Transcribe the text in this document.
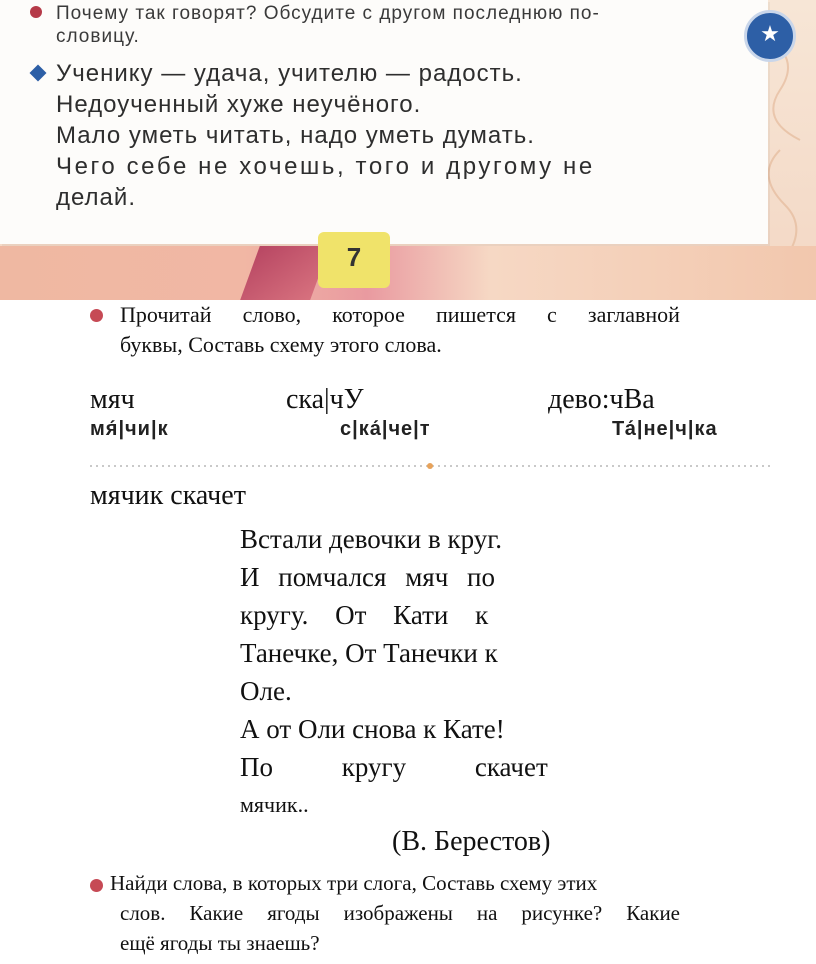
Почему так говорят? Обсудите с другом последнюю по-
словицу.
Ученику — удача, учителю — радость.
Недоученный хуже неучёного.
Мало уметь читать, надо уметь думать.
Чего себе не хочешь, того и другому не
делай.
★
7
Прочитай слово, которое пишется с заглавной
буквы, Составь схему этого слова.
мяч
мя́|чи|к
ска|чУ
с|ка́|че|т
дево:чВа
Та́|не|ч|ка
мячик скачет
Встали девочки в круг.
И помчался мяч по
кругу. От Кати к
Танечке, От Танечки к
Оле.
А от Оли снова к Кате!
По кругу скачет
мячик..
(В. Берестов)
Найди слова, в которых три слога, Составь схему этих
слов. Какие ягоды изображены на рисунке? Какие
ещё ягоды ты знаешь?
